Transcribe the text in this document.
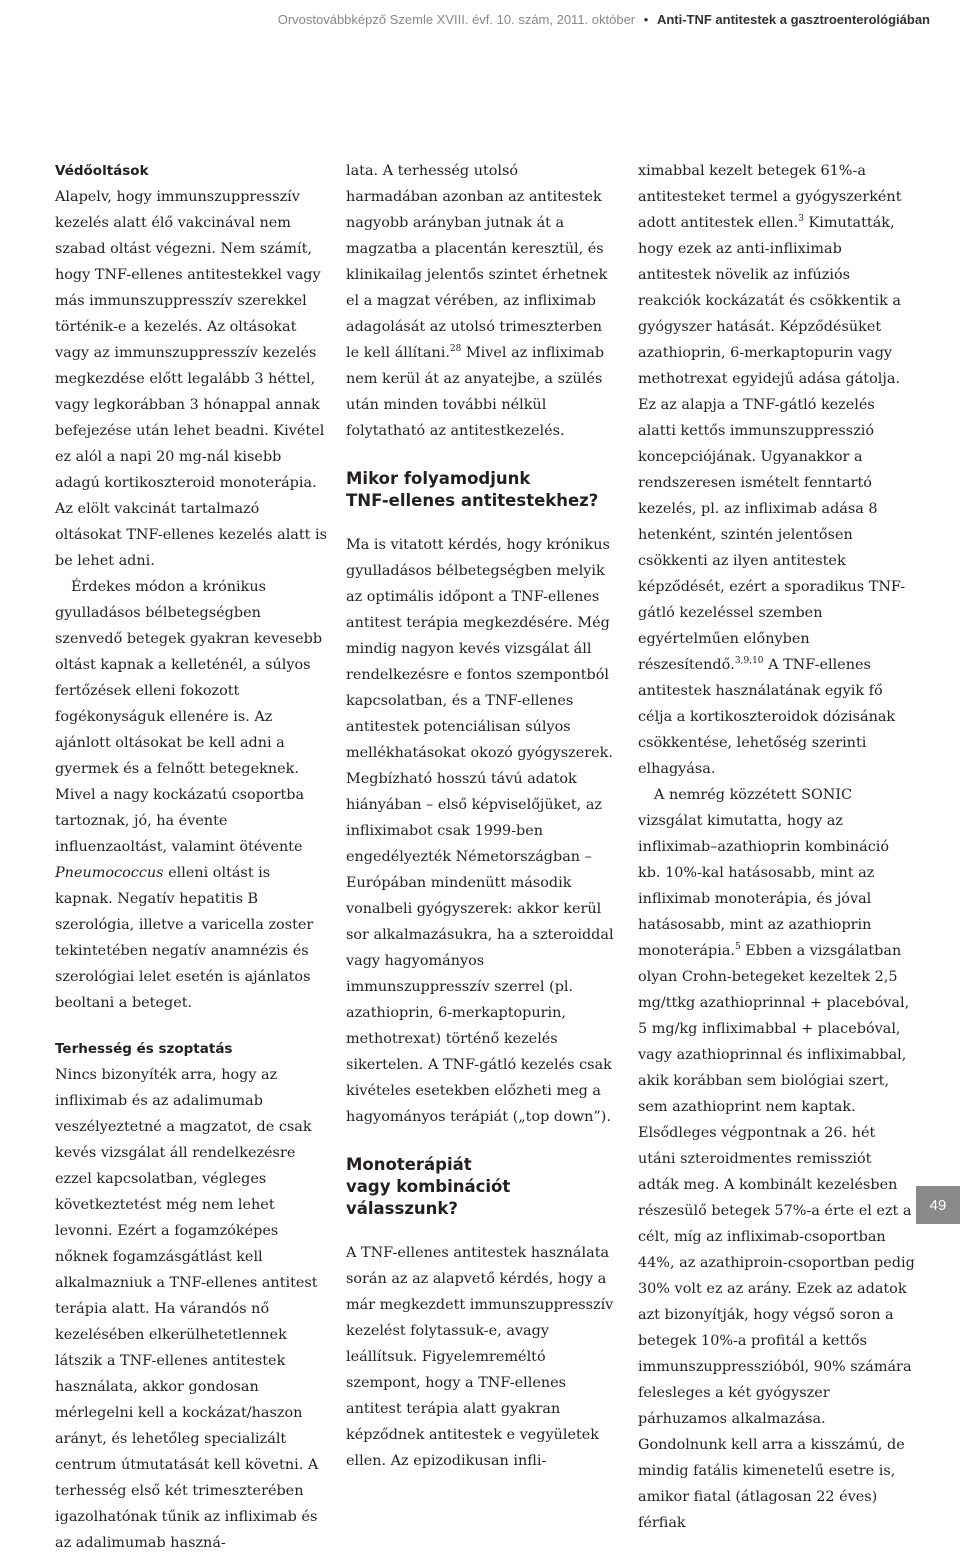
Orvostovábbképző Szemle XVIII. évf. 10. szám, 2011. október • Anti-TNF antitestek a gasztroenterológiában
Védőoltások

Alapelv, hogy immunszuppresszív kezelés alatt élő vakcinával nem szabad oltást végezni. Nem számít, hogy TNF-ellenes antitestekkel vagy más immunszuppresszív szerekkel történik-e a kezelés. Az oltásokat vagy az immunszuppresszív kezelés megkezdése előtt legalább 3 héttel, vagy legkorábban 3 hónappal annak befejezése után lehet beadni. Kivétel ez alól a napi 20 mg-nál kisebb adagú kortikoszteroid monoterápia. Az elölt vakcinát tartalmazó oltásokat TNF-ellenes kezelés alatt is be lehet adni.

Érdekes módon a krónikus gyulladásos bélbetegségben szenvedő betegek gyakran kevesebb oltást kapnak a kelleténél, a súlyos fertőzések elleni fokozott fogékonyságuk ellenére is. Az ajánlott oltásokat be kell adni a gyermek és a felnőtt betegeknek. Mivel a nagy kockázatú csoportba tartoznak, jó, ha évente influenzaoltást, valamint ötévente Pneumococcus elleni oltást is kapnak. Negatív hepatitis B szerológia, illetve a varicella zoster tekintetében negatív anamnézis és szerológiai lelet esetén is ajánlatos beoltani a beteget.

Terhesség és szoptatás

Nincs bizonyíték arra, hogy az infliximab és az adalimumab veszélyeztetné a magzatot, de csak kevés vizsgálat áll rendelkezésre ezzel kapcsolatban, végleges következtetést még nem lehet levonni. Ezért a fogamzóképes nőknek fogamzásgátlást kell alkalmazniuk a TNF-ellenes antitest terápia alatt. Ha várandós nő kezelésében elkerülhetetlennek látszik a TNF-ellenes antitestek használata, akkor gondosan mérlegelni kell a kockázat/haszon arányt, és lehetőleg specializált centrum útmutatását kell követni. A terhesség első két trimeszterében igazolhatónak tűnik az infliximab és az adalimumab haszná-

lata. A terhesség utolsó harmadában azonban az antitestek nagyobb arányban jutnak át a magzatba a placentán keresztül, és klinikailag jelentős szintet érhetnek el a magzat vérében, az infliximab adagolását az utolsó trimeszterben le kell állítani.$^{28}$ Mivel az infliximab nem kerül át az anyatejbe, a szülés után minden további nélkül folytatható az antitestkezelés.

Mikor folyamodjunk
TNF-ellenes antitestekhez?

Ma is vitatott kérdés, hogy krónikus gyulladásos bélbetegségben melyik az optimális időpont a TNF-ellenes antitest terápia megkezdésére. Még mindig nagyon kevés vizsgálat áll rendelkezésre e fontos szempontból kapcsolatban, és a TNF-ellenes antitestek potenciálisan súlyos mellékhatásokat okozó gyógyszerek. Megbízható hosszú távú adatok hiányában – első képviselőjüket, az infliximabot csak 1999-ben engedélyezték Németországban – Európában mindenütt második vonalbeli gyógyszerek: akkor kerül sor alkalmazásukra, ha a szteroiddal vagy hagyományos immunszuppresszív szerrel (pl. azathioprin, 6-merkaptopurin, methotrexat) történő kezelés sikertelen. A TNF-gátló kezelés csak kivételes esetekben előzheti meg a hagyományos terápiát („top down”).

Monoterápiát
vagy kombinációt válasszunk?

A TNF-ellenes antitestek használata során az az alapvető kérdés, hogy a már megkezdett immunszuppresszív kezelést folytassuk-e, avagy leállítsuk. Figyelemreméltó szempont, hogy a TNF-ellenes antitest terápia alatt gyakran képződnek antitestek e vegyületek ellen. Az epizodikusan infli-

ximabbal kezelt betegek 61%-a antitesteket termel a gyógyszerként adott antitestek ellen.$^3$ Kimutatták, hogy ezek az anti-infliximab antitestek növelik az infúziós reakciók kockázatát és csökkentik a gyógyszer hatását. Képződésüket azathioprin, 6-merkaptopurin vagy methotrexat egyidejű adása gátolja. Ez az alapja a TNF-gátló kezelés alatti kettős immunszuppresszió koncepciójának. Ugyanakkor a rendszeresen ismételt fenntartó kezelés, pl. az infliximab adása 8 hetenként, szintén jelentősen csökkenti az ilyen antitestek képződését, ezért a sporadikus TNF-gátló kezeléssel szemben egyértelműen előnyben részesítendő.$^{3,9,10}$ A TNF-ellenes antitestek használatának egyik fő célja a kortikoszteroidok dózisának csökkentése, lehetőség szerinti elhagyása.

A nemrég közzétett SONIC vizsgálat kimutatta, hogy az infliximab–azathioprin kombináció kb. 10%-kal hatásosabb, mint az infliximab monoterápia, és jóval hatásosabb, mint az azathioprin monoterápia.$^5$ Ebben a vizsgálatban olyan Crohn-betegeket kezeltek 2,5 mg/ttkg azathioprinnal + placebóval, 5 mg/kg infliximabbal + placebóval, vagy azathioprinnal és infliximabbal, akik korábban sem biológiai szert, sem azathioprint nem kaptak. Elsődleges végpontnak a 26. hét utáni szteroidmentes remissziót adták meg. A kombinált kezelésben részesülő betegek 57%-a érte el ezt a célt, míg az infliximab-csoportban 44%, az azathiproin-csoportban pedig 30% volt ez az arány. Ezek az adatok azt bizonyítják, hogy végső soron a betegek 10%-a profitál a kettős immunszuppresszióból, 90% számára felesleges a két gyógyszer párhuzamos alkalmazása. Gondolnunk kell arra a kisszámú, de mindig fatális kimenetelű esetre is, amikor fiatal (átlagosan 22 éves) férfiak

49
